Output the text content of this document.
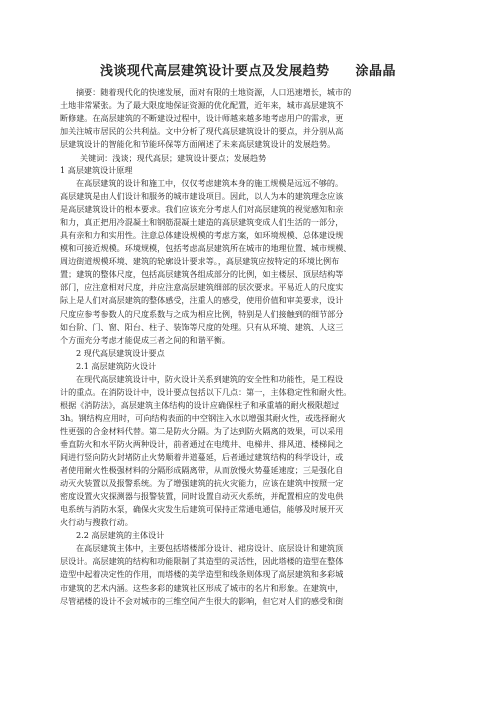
浅谈现代高层建筑设计要点及发展趋势 涂晶晶
摘要：随着现代化的快速发展，面对有限的土地资源，人口迅速增长，城市的
土地非常紧张。为了最大限度地保证资源的优化配置，近年来，城市高层建筑不
断修建。在高层建筑的不断建设过程中，设计师越来越多地考虑用户的需求，更
加关注城市居民的公共利益。文中分析了现代高层建筑设计的要点，并分别从高
层建筑设计的智能化和节能环保等方面阐述了未来高层建筑设计的发展趋势。
关键词：浅谈；现代高层；建筑设计要点；发展趋势
1 高层建筑设计原理
在高层建筑的设计和施工中，仅仅考虑建筑本身的施工规模是远远不够的。
高层建筑是由人们设计和服务的城市建设项目。因此，以人为本的建筑理念应该
是高层建筑设计的根本要求。我们应该充分考虑人们对高层建筑的视觉感知和亲
和力，真正把用冷混凝土和钢筋混凝土建造的高层建筑变成人们生活的一部分，
具有亲和力和实用性。注意总体建设规模的考虑方案，如环境规模、总体建设规
模和可接近规模。环境规模，包括考虑高层建筑所在城市的地理位置、城市规模、
周边街道规模环境、建筑的轮廓设计要求等。，高层建筑应按特定的环境比例布
置；建筑的整体尺度，包括高层建筑各组成部分的比例，如主楼层、顶层结构等
部门，应注意相对尺度，并应注意高层建筑细部的层次要求。平易近人的尺度实
际上是人们对高层建筑的整体感受，注重人的感受，使用价值和审美要求，设计
尺度应参考参数人的尺度系数与之成为相应比例，特别是人们接触到的细节部分
如台阶、门、窗、阳台、柱子、装饰等尺度的处理。只有从环境、建筑、人这三
个方面充分考虑才能促成三者之间的和谐平衡。
2 现代高层建筑设计要点
2.1 高层建筑防火设计
在现代高层建筑设计中，防火设计关系到建筑的安全性和功能性，是工程设
计的重点。在消防设计中，设计要点包括以下几点：第一，主体稳定性和耐火性。
根据《消防法》，高层建筑主体结构的设计应确保柱子和承重墙的耐火极限超过
3h。钢结构应用时，可向结构表面的中空钢注入水以增强其耐火性，或选择耐火
性更强的合金材料代替。第二是防火分隔。为了达到防火隔离的效果，可以采用
垂直防火和水平防火两种设计，前者通过在电缆井、电梯井、排风道、楼梯间之
间进行竖向防火封堵防止火势顺着井道蔓延，后者通过建筑结构的科学设计，或
者使用耐火性极强材料的分隔形成隔离带，从而放慢火势蔓延速度；三是强化自
动灭火装置以及报警系统。为了增强建筑的抗火灾能力，应该在建筑中按照一定
密度设置火灾探测器与报警装置，同时设置自动灭火系统，并配置相应的发电供
电系统与消防水泵，确保火灾发生后建筑可保持正常通电通信，能够及时展开灭
火行动与搜救行动。
2.2 高层建筑的主体设计
在高层建筑主体中，主要包括塔楼部分设计、裙房设计、底层设计和建筑顶
层设计。高层建筑的结构和功能限制了其造型的灵活性，因此塔楼的造型在整体
造型中起着决定性的作用，而塔楼的美学造型和线条则体现了高层建筑和多彩城
市建筑的艺术内涵。这些多彩的建筑社区形成了城市的名片和形象。在建筑中，
尽管裙楼的设计不会对城市的三维空间产生很大的影响，但它对人们的感受和街
